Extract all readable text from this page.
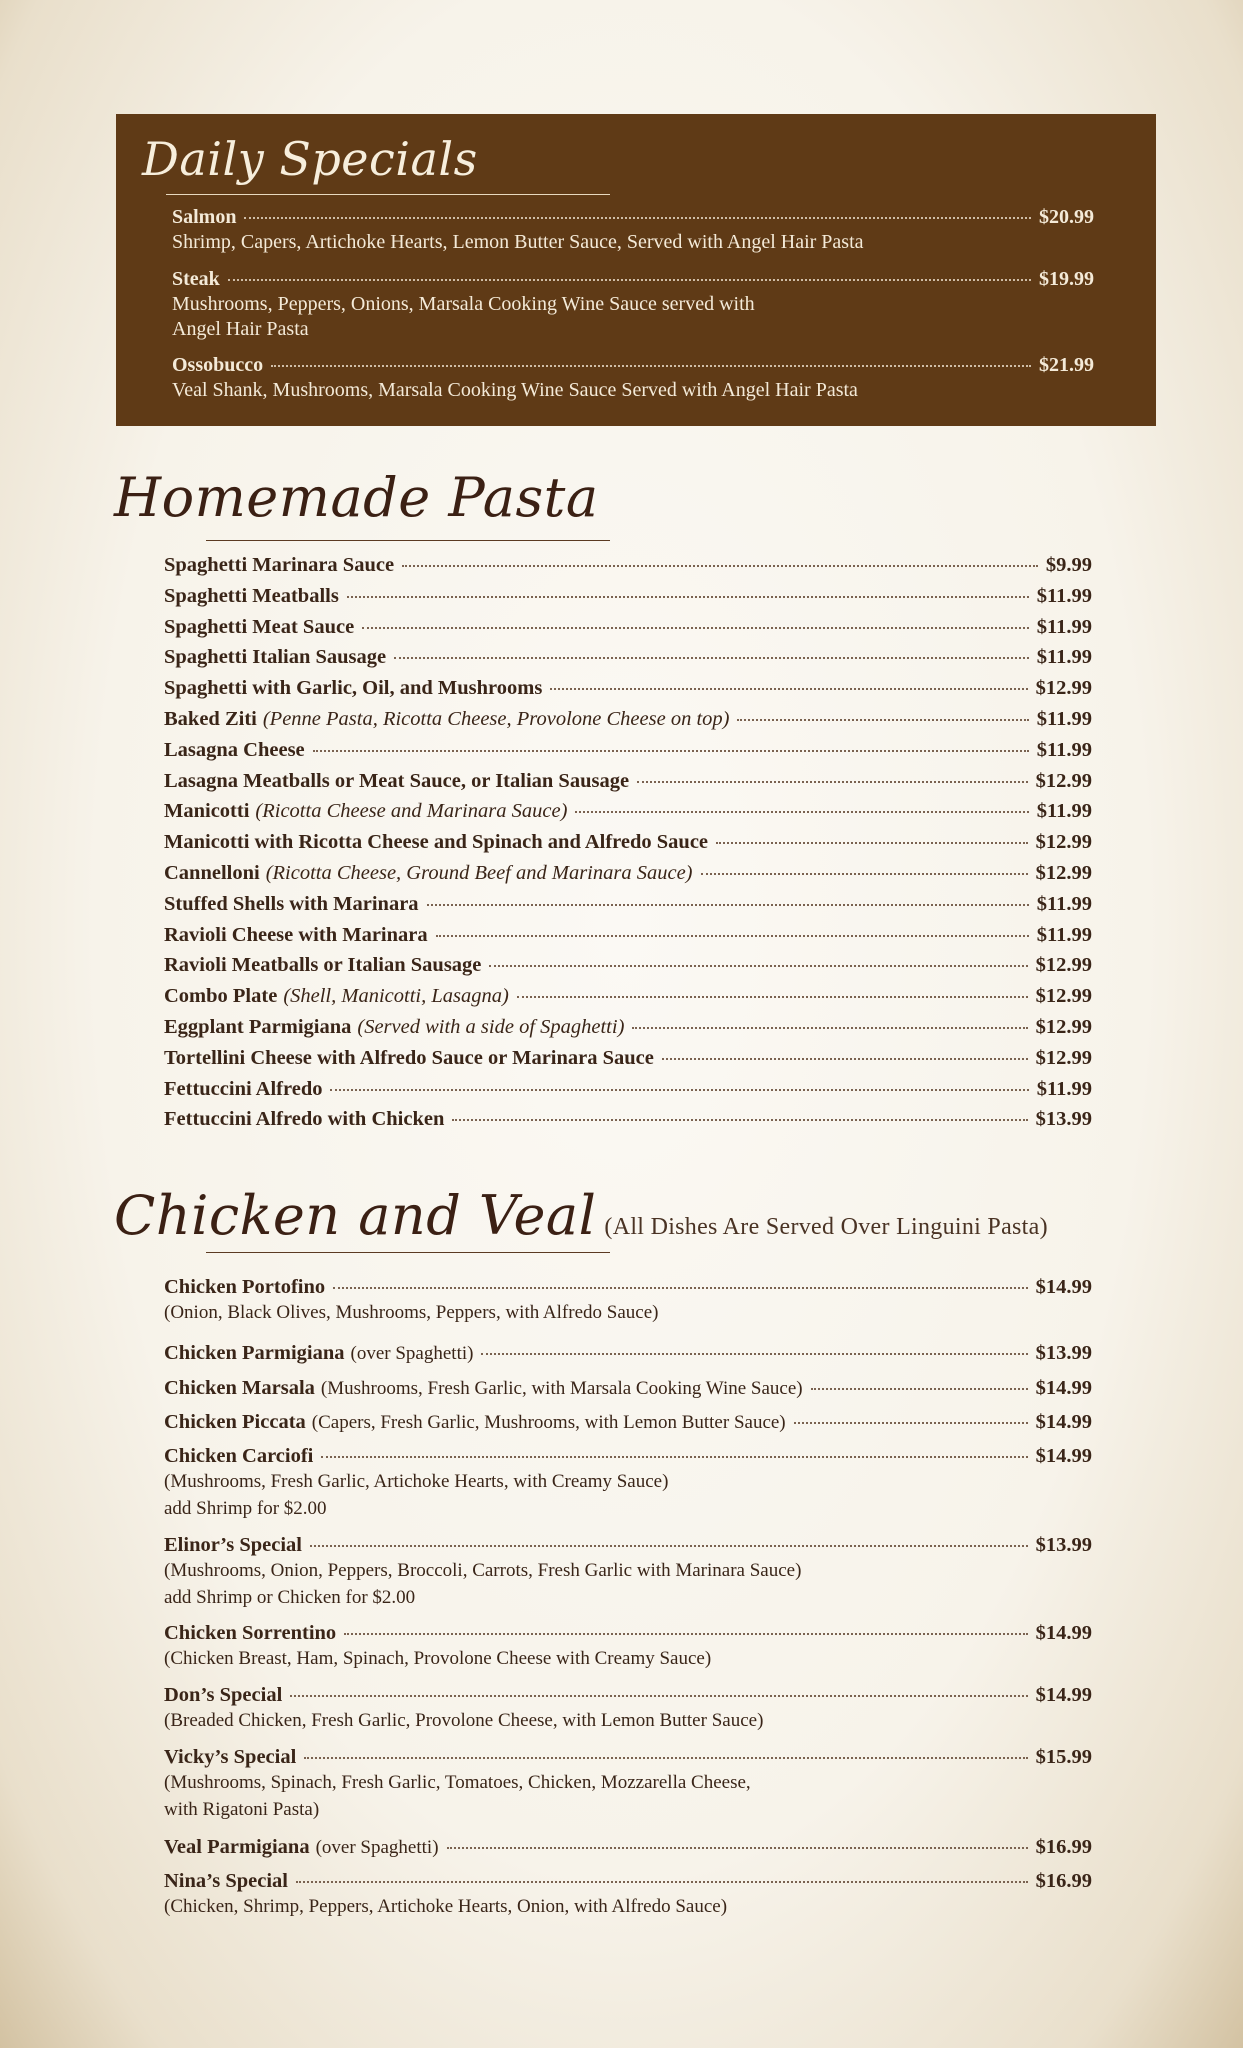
Daily Specials
Salmon	$20.99
Shrimp, Capers, Artichoke Hearts, Lemon Butter Sauce, Served with Angel Hair Pasta
Steak	$19.99
Mushrooms, Peppers, Onions, Marsala Cooking Wine Sauce served with
Angel Hair Pasta
Ossobucco	$21.99
Veal Shank, Mushrooms, Marsala Cooking Wine Sauce Served with Angel Hair Pasta
Homemade Pasta
Spaghetti Marinara Sauce	$9.99
Spaghetti Meatballs	$11.99
Spaghetti Meat Sauce	$11.99
Spaghetti Italian Sausage	$11.99
Spaghetti with Garlic, Oil, and Mushrooms	$12.99
Baked Ziti (Penne Pasta, Ricotta Cheese, Provolone Cheese on top)	$11.99
Lasagna Cheese	$11.99
Lasagna Meatballs or Meat Sauce, or Italian Sausage	$12.99
Manicotti (Ricotta Cheese and Marinara Sauce)	$11.99
Manicotti with Ricotta Cheese and Spinach and Alfredo Sauce	$12.99
Cannelloni (Ricotta Cheese, Ground Beef and Marinara Sauce)	$12.99
Stuffed Shells with Marinara	$11.99
Ravioli Cheese with Marinara	$11.99
Ravioli Meatballs or Italian Sausage	$12.99
Combo Plate (Shell, Manicotti, Lasagna)	$12.99
Eggplant Parmigiana (Served with a side of Spaghetti)	$12.99
Tortellini Cheese with Alfredo Sauce or Marinara Sauce	$12.99
Fettuccini Alfredo	$11.99
Fettuccini Alfredo with Chicken	$13.99
Chicken and Veal (All Dishes Are Served Over Linguini Pasta)
Chicken Portofino	$14.99
(Onion, Black Olives, Mushrooms, Peppers, with Alfredo Sauce)
Chicken Parmigiana (over Spaghetti)	$13.99
Chicken Marsala (Mushrooms, Fresh Garlic, with Marsala Cooking Wine Sauce)	$14.99
Chicken Piccata (Capers, Fresh Garlic, Mushrooms, with Lemon Butter Sauce)	$14.99
Chicken Carciofi	$14.99
(Mushrooms, Fresh Garlic, Artichoke Hearts, with Creamy Sauce)
add Shrimp for $2.00
Elinor’s Special	$13.99
(Mushrooms, Onion, Peppers, Broccoli, Carrots, Fresh Garlic with Marinara Sauce)
add Shrimp or Chicken for $2.00
Chicken Sorrentino	$14.99
(Chicken Breast, Ham, Spinach, Provolone Cheese with Creamy Sauce)
Don’s Special	$14.99
(Breaded Chicken, Fresh Garlic, Provolone Cheese, with Lemon Butter Sauce)
Vicky’s Special	$15.99
(Mushrooms, Spinach, Fresh Garlic, Tomatoes, Chicken, Mozzarella Cheese,
with Rigatoni Pasta)
Veal Parmigiana (over Spaghetti)	$16.99
Nina’s Special	$16.99
(Chicken, Shrimp, Peppers, Artichoke Hearts, Onion, with Alfredo Sauce)
